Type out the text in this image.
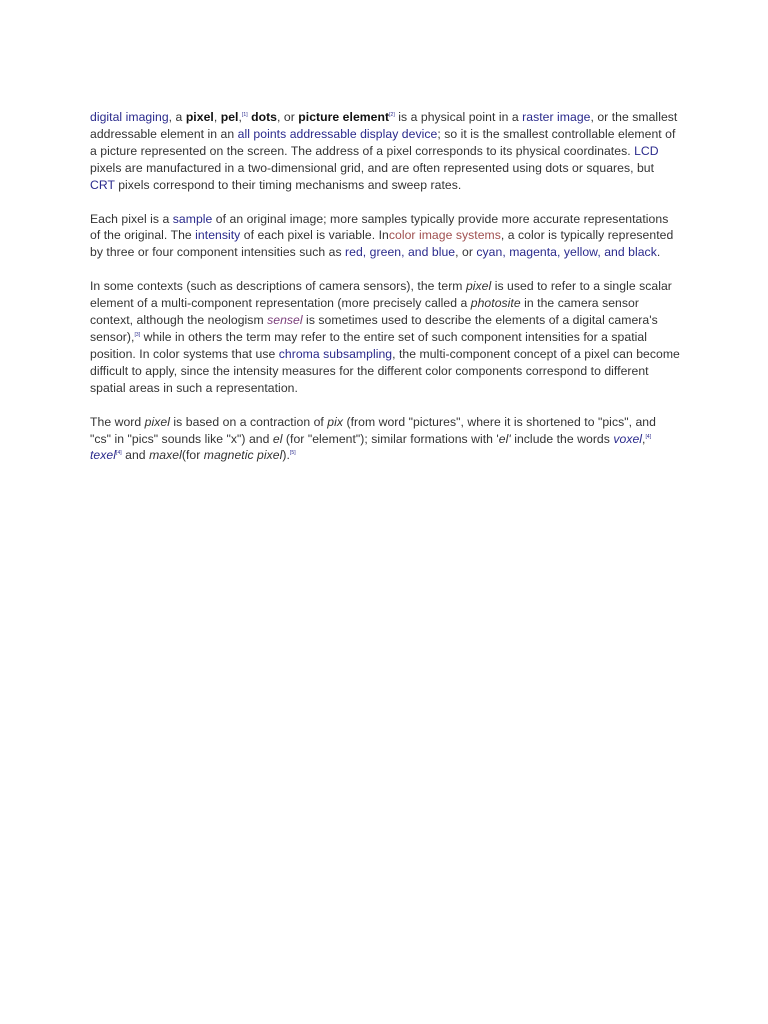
digital imaging, a pixel, pel,[1] dots, or picture element[2] is a physical point in a raster image, or the smallest addressable element in an all points addressable display device; so it is the smallest controllable element of a picture represented on the screen. The address of a pixel corresponds to its physical coordinates. LCD pixels are manufactured in a two-dimensional grid, and are often represented using dots or squares, but CRT pixels correspond to their timing mechanisms and sweep rates.

Each pixel is a sample of an original image; more samples typically provide more accurate representations of the original. The intensity of each pixel is variable. Incolor image systems, a color is typically represented by three or four component intensities such as red, green, and blue, or cyan, magenta, yellow, and black.

In some contexts (such as descriptions of camera sensors), the term pixel is used to refer to a single scalar element of a multi-component representation (more precisely called a photosite in the camera sensor context, although the neologism sensel is sometimes used to describe the elements of a digital camera's sensor),[3] while in others the term may refer to the entire set of such component intensities for a spatial position. In color systems that use chroma subsampling, the multi-component concept of a pixel can become difficult to apply, since the intensity measures for the different color components correspond to different spatial areas in such a representation.

The word pixel is based on a contraction of pix (from word "pictures", where it is shortened to "pics", and "cs" in "pics" sounds like "x") and el (for "element"); similar formations with 'el' include the words voxel,[4] texel[4] and maxel(for magnetic pixel).[5]
